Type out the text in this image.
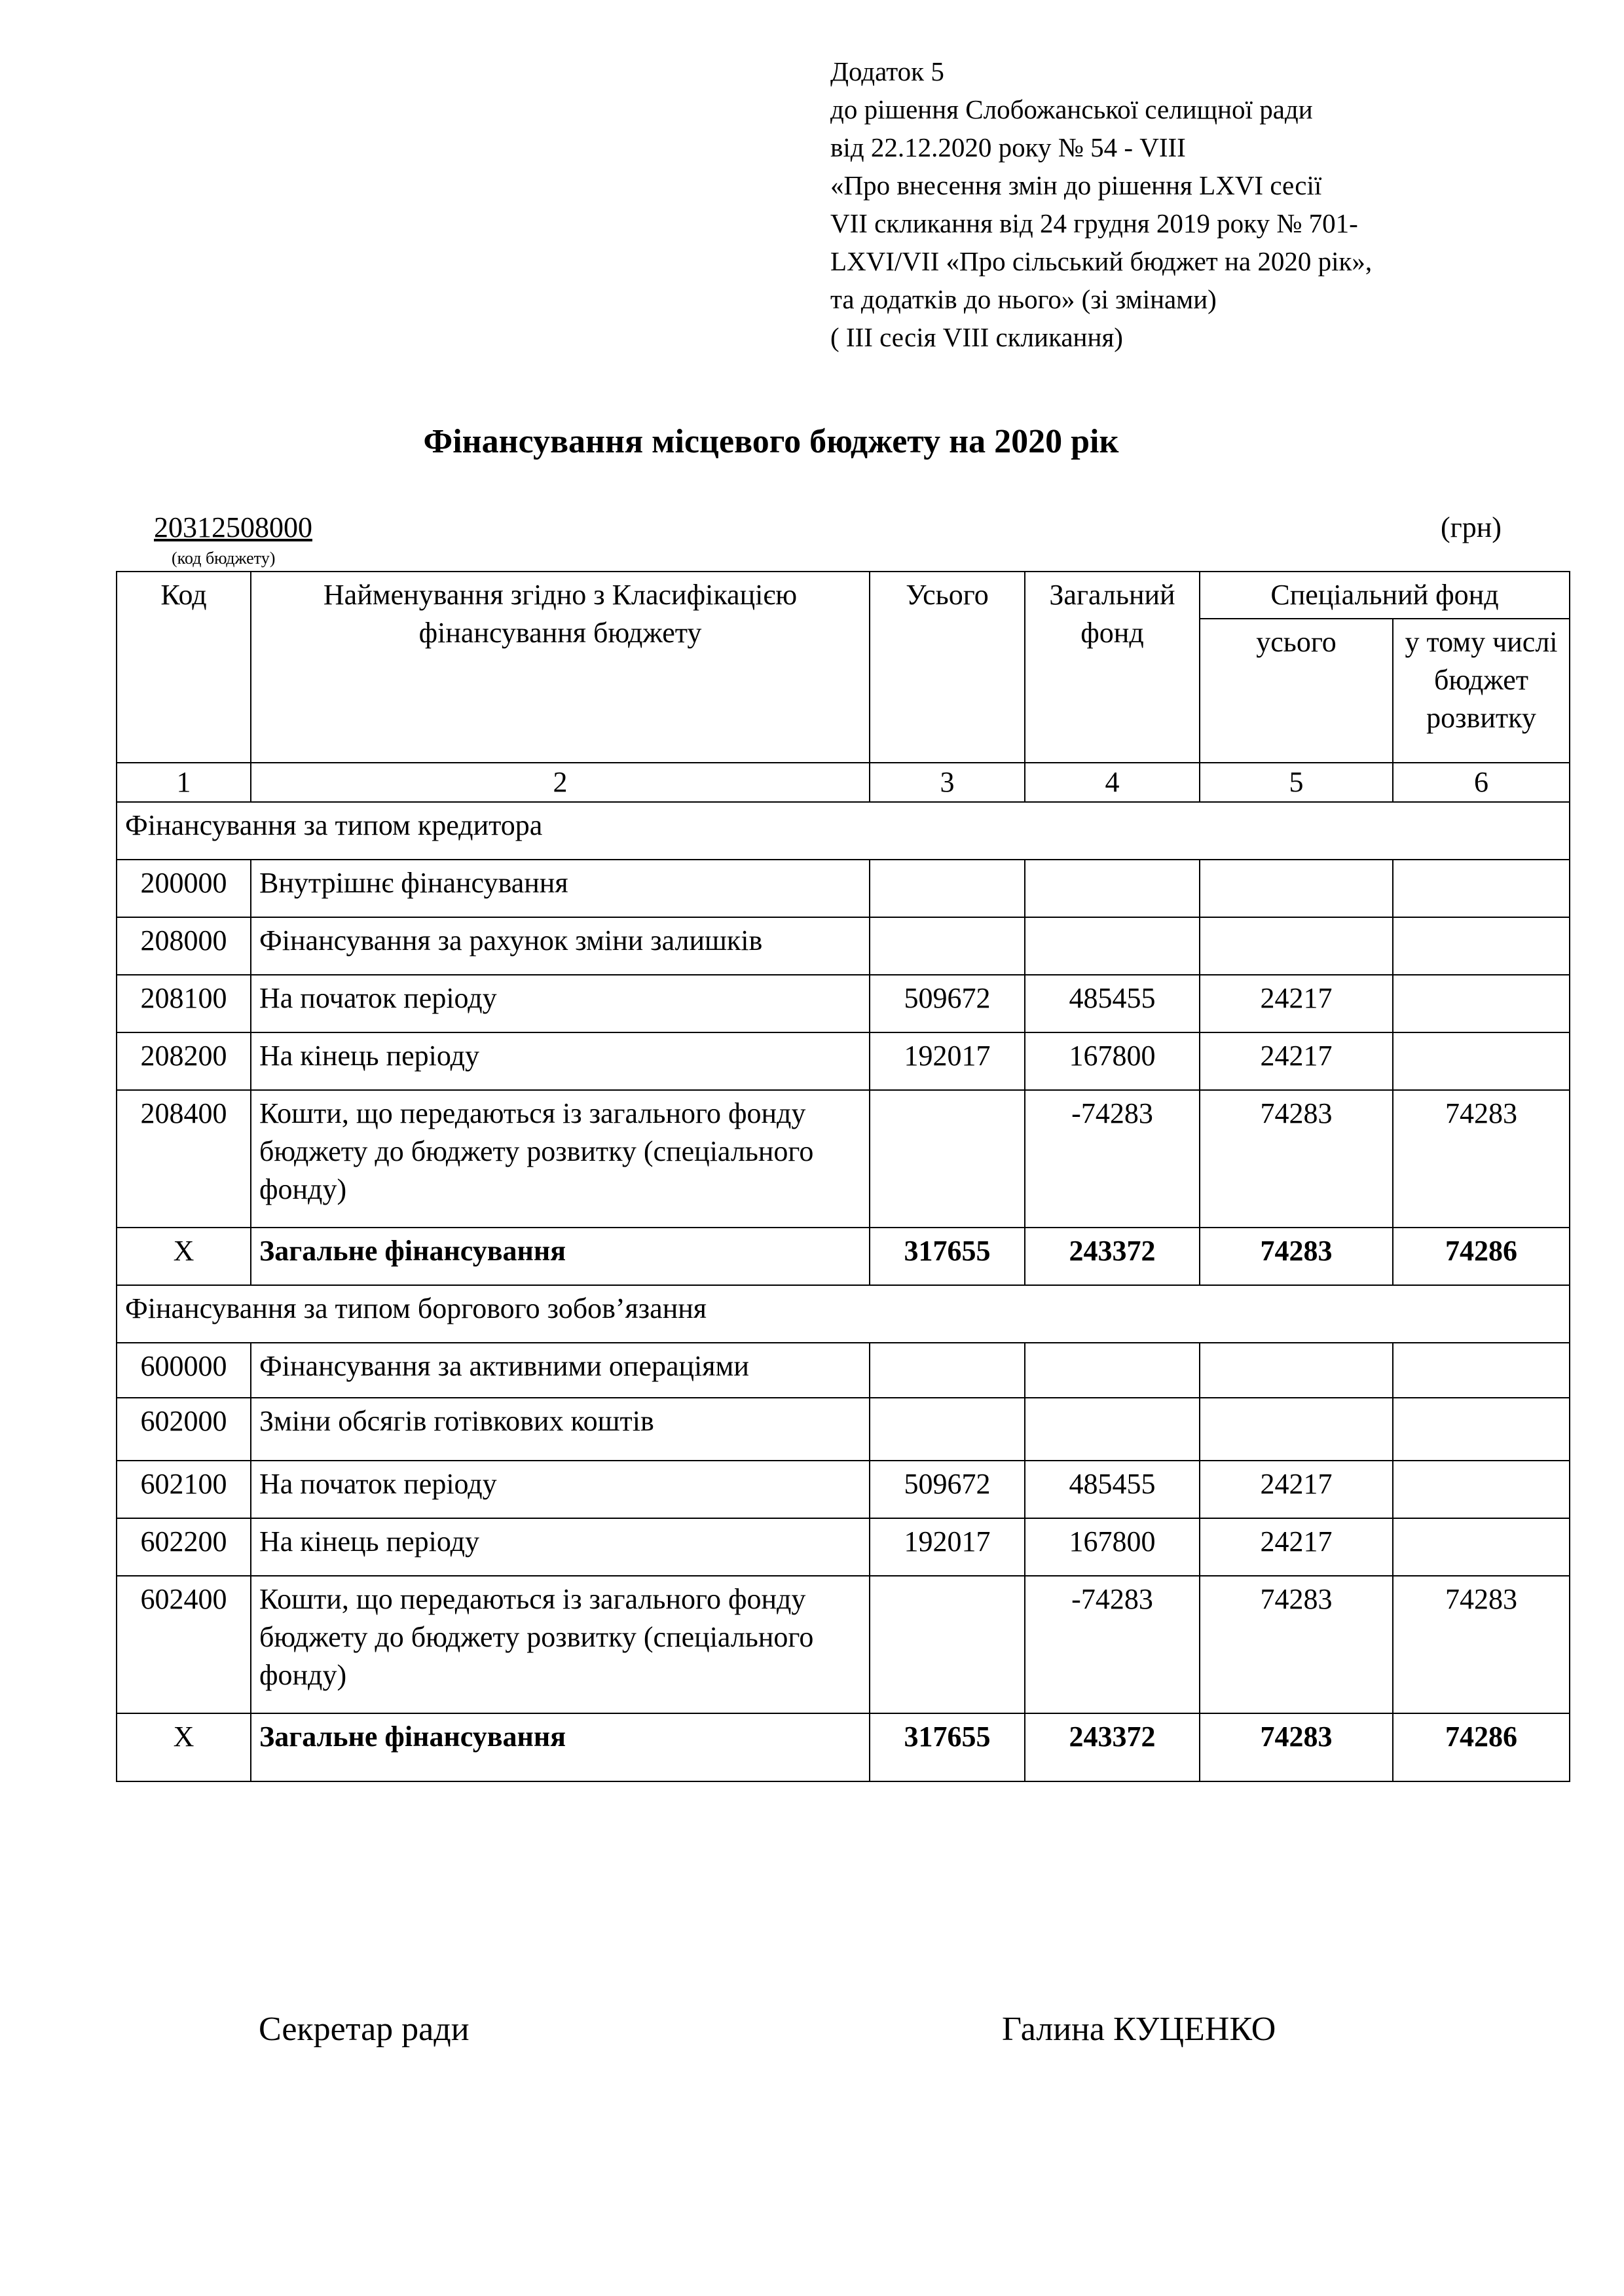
Додаток 5
до рішення Слобожанської селищної ради
від 22.12.2020 року № 54 - VIII
«Про внесення змін до рішення LXVI сесії
VII скликання від 24 грудня 2019 року № 701-
LXVI/VII «Про сільський бюджет на 2020 рік»,
та додатків до нього» (зі змінами)
( III сесія VIII скликання)
Фінансування місцевого бюджету на 2020 рік
20312508000
(код бюджету)
(грн)
Код	Найменування згідно з Класифікацією фінансування бюджету	Усього	Загальний фонд	Спеціальний фонд	
				усього	у тому числі бюджет розвитку
1	2	3	4	5	6
Фінансування за типом кредитора					
200000	Внутрішнє фінансування				
208000	Фінансування за рахунок зміни залишків				
208100	На початок періоду	509672	485455	24217	
208200	На кінець періоду	192017	167800	24217	
208400	Кошти, що передаються із загального фонду бюджету до бюджету розвитку (спеціального фонду)		-74283	74283	74283
Х	Загальне фінансування	317655	243372	74283	74286
Фінансування за типом боргового зобов’язання					
600000	Фінансування за активними операціями				
602000	Зміни обсягів готівкових коштів				
602100	На початок періоду	509672	485455	24217	
602200	На кінець періоду	192017	167800	24217	
602400	Кошти, що передаються із загального фонду бюджету до бюджету розвитку (спеціального фонду)		-74283	74283	74283
Х	Загальне фінансування	317655	243372	74283	74286
Секретар ради	Галина КУЦЕНКО
